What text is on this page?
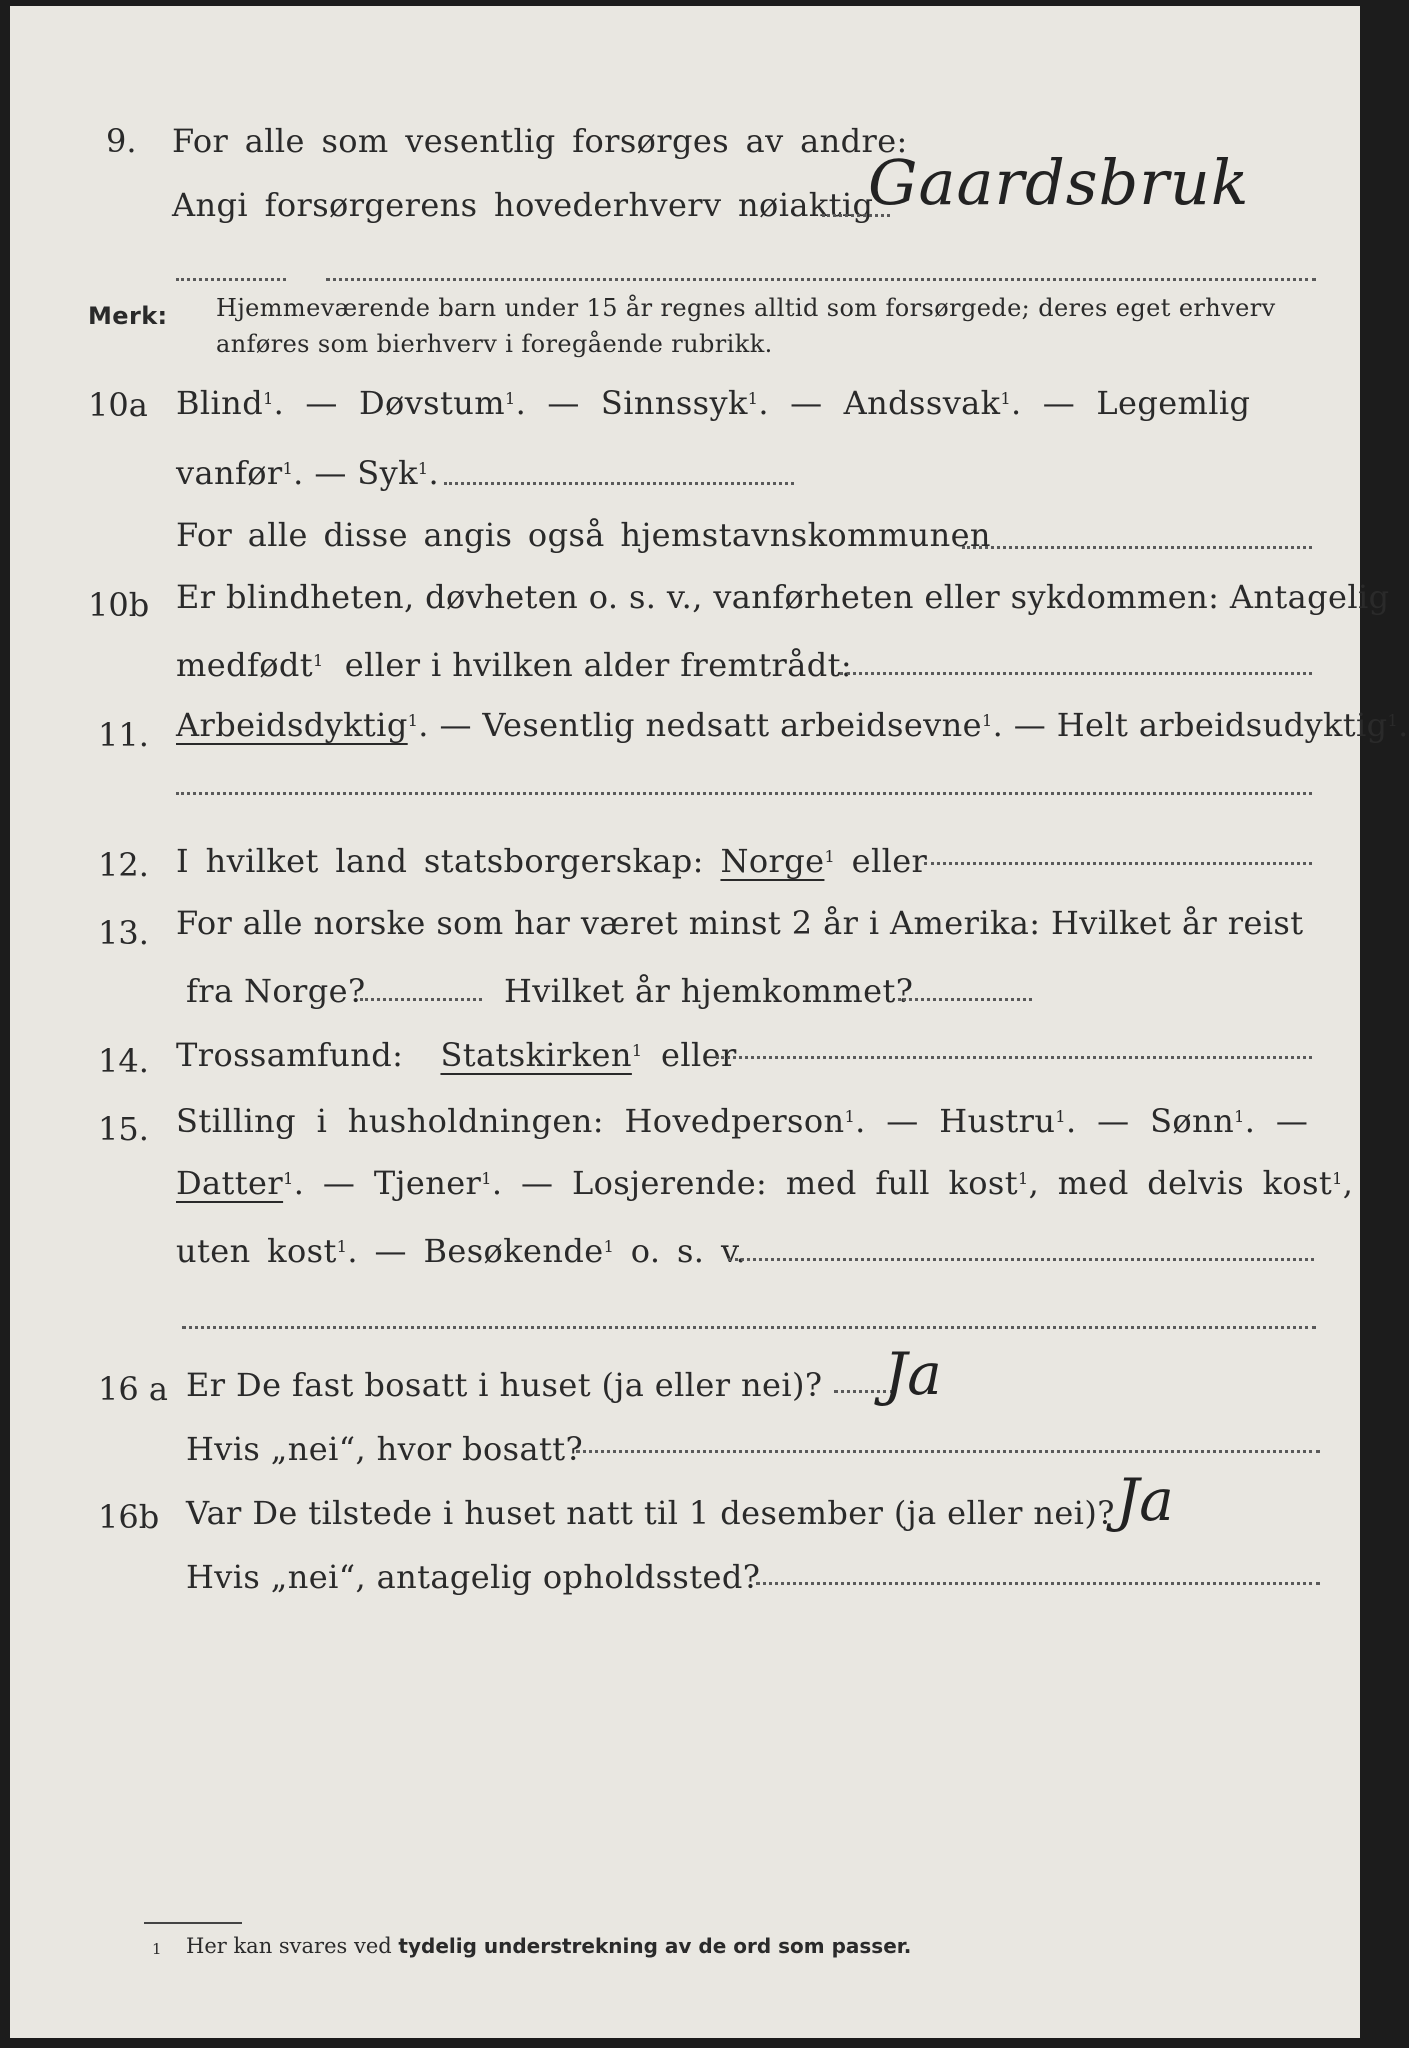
9. For alle som vesentlig forsørges av andre:
Angi forsørgerens hovederhverv nøiaktig
Gaardsbruk
Merk: Hjemmeværende barn under 15 år regnes alltid som forsørgede; deres eget erhverv
anføres som bierhverv i foregående rubrikk.
10a Blind$^1$. — Døvstum$^1$.  — Sinnssyk$^1$.  — Andssvak$^1$.  — Legemlig
vanfør$^1$. — Syk$^1$.
For alle disse angis også hjemstavnskommunen
10b Er blindheten, døvheten o. s. v., vanførheten eller sykdommen: Antagelig
medfødt$^1$ eller i hvilken alder fremtrådt:
11. Arbeidsdyktig$^1$. — Vesentlig nedsatt arbeidsevne$^1$. — Helt arbeidsudyktig$^1$.
12. I hvilket land statsborgerskap: Norge$^1$ eller
13. For alle norske som har været minst 2 år i Amerika: Hvilket år reist
fra Norge?	Hvilket år hjemkommet?
14. Trossamfund: Statskirken$^1$ eller
15. Stilling i husholdningen: Hovedperson$^1$. — Hustru$^1$. — Sønn$^1$. —
Datter$^1$. — Tjener$^1$. — Losjerende: med full kost$^1$, med delvis kost$^1$,
uten kost$^1$. — Besøkende$^1$ o. s. v.
16 a Er De fast bosatt i huset (ja eller nei)? Ja
Hvis „nei“, hvor bosatt?
16b Var De tilstede i huset natt til 1 desember (ja eller nei)? Ja
Hvis „nei“, antagelig opholdssted?
1 Her kan svares ved tydelig understrekning av de ord som passer.
